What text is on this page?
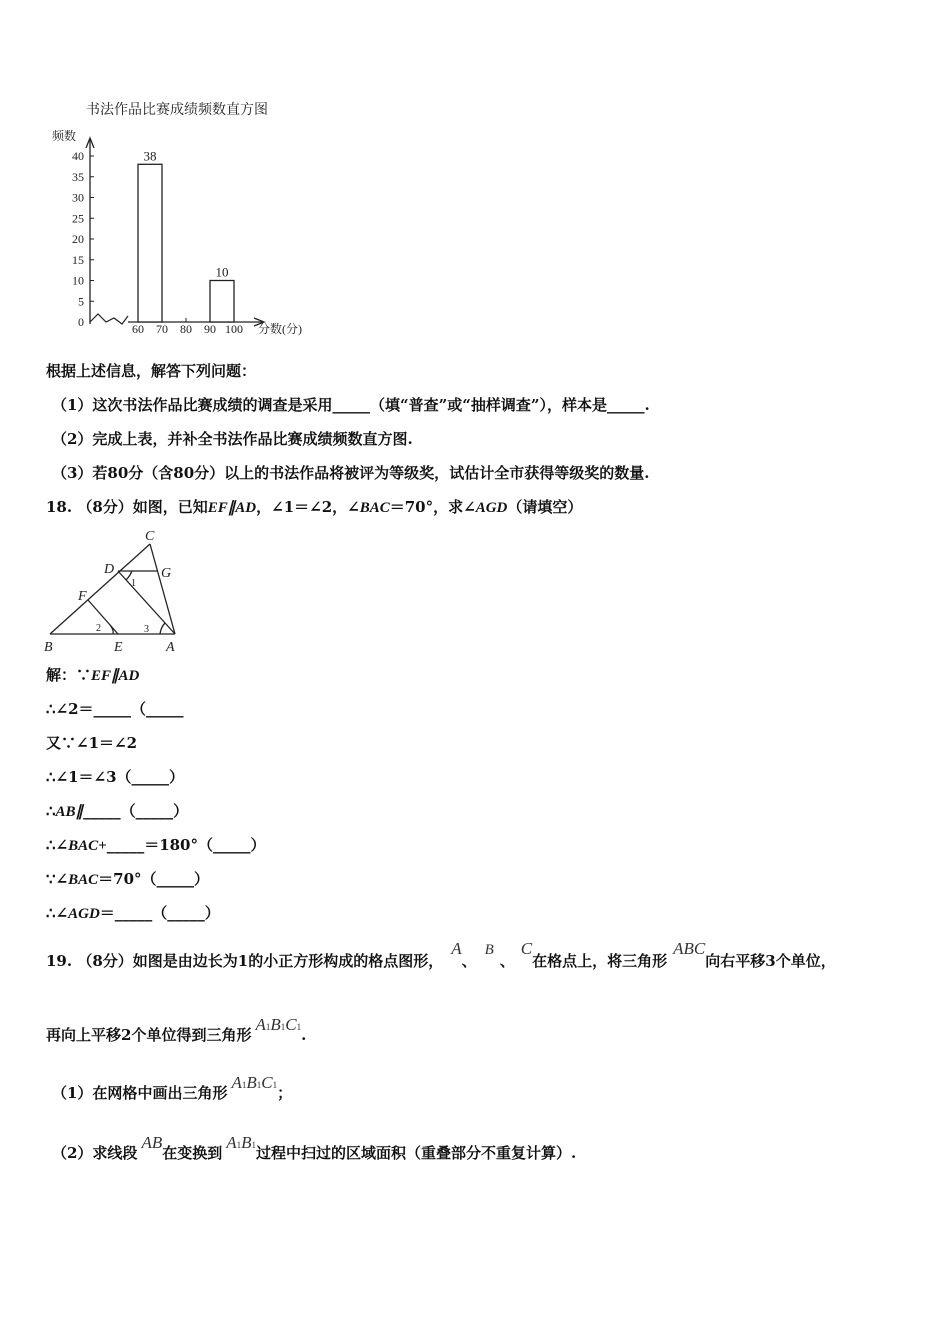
书法作品比赛成绩频数直方图
频数
0
5
10
15
20
25
30
35
40	38
10
60 70 80 90 100 分数(分)
根据上述信息，解答下列问题：
（1）这次书法作品比赛成绩的调查是采用_____（填“普查”或“抽样调查”），样本是_____.
（2）完成上表，并补全书法作品比赛成绩频数直方图.
（3）若80分（含80分）以上的书法作品将被评为等级奖，试估计全市获得等级奖的数量.
18. （8分）如图，已知EF∥AD，∠1＝∠2，∠BAC＝70°，求∠AGD（请填空）
C
D	G
F
B	E	A
1
2	3
解：∵EF∥AD
∴∠2＝_____（_____
又∵∠1＝∠2
∴∠1＝∠3（_____）
∴AB∥_____（_____）
∴∠BAC+_____＝180°（_____）
∵∠BAC＝70°（_____）
∴∠AGD＝_____（_____）
19. （8分）如图是由边长为1的小正方形构成的格点图形，A、B、C在格点上，将三角形ABC向右平移3个单位，
再向上平移2个单位得到三角形A1B1C1.
（1）在网格中画出三角形A1B1C1；
（2）求线段AB在变换到A1B1过程中扫过的区域面积（重叠部分不重复计算）.
